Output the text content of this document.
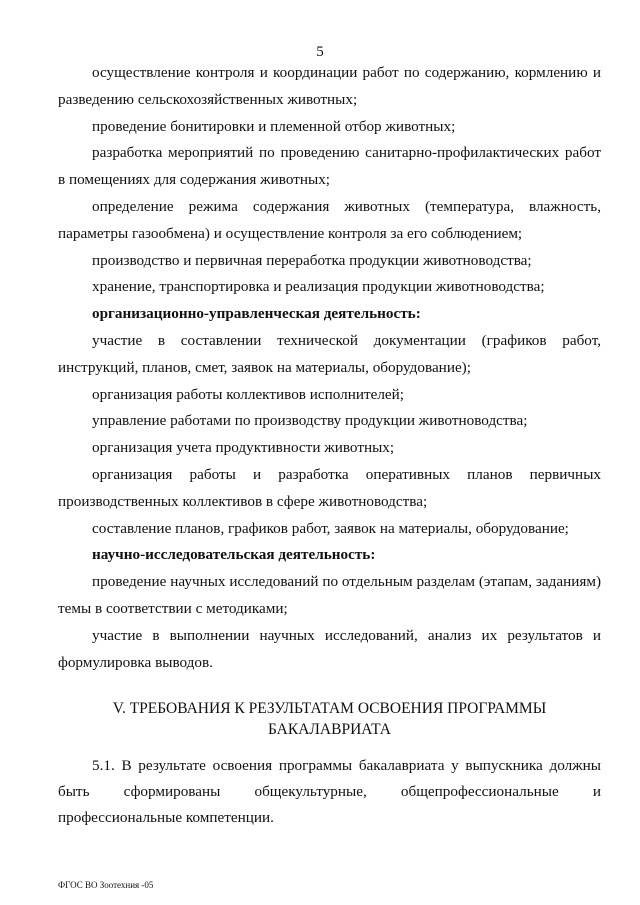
5

осуществление контроля и координации работ по содержанию, кормлению и разведению сельскохозяйственных животных;

проведение бонитировки и племенной отбор животных;

разработка мероприятий по проведению санитарно-профилактических работ в помещениях для содержания животных;

определение режима содержания животных (температура, влажность, параметры газообмена) и осуществление контроля за его соблюдением;

производство и первичная переработка продукции животноводства;

хранение, транспортировка и реализация продукции животноводства;

организационно-управленческая деятельность:

участие в составлении технической документации (графиков работ, инструкций, планов, смет, заявок на материалы, оборудование);

организация работы коллективов исполнителей;

управление работами по производству продукции животноводства;

организация учета продуктивности животных;

организация работы и разработка оперативных планов первичных производственных коллективов в сфере животноводства;

составление планов, графиков работ, заявок на материалы, оборудование;

научно-исследовательская деятельность:

проведение научных исследований по отдельным разделам (этапам, заданиям) темы в соответствии с методиками;

участие в выполнении научных исследований, анализ их результатов и формулировка выводов.

V. ТРЕБОВАНИЯ К РЕЗУЛЬТАТАМ ОСВОЕНИЯ ПРОГРАММЫ
БАКАЛАВРИАТА

5.1. В результате освоения программы бакалавриата у выпускника должны быть сформированы общекультурные, общепрофессиональные и профессиональные компетенции.

ФГОС ВО Зоотехния -05
